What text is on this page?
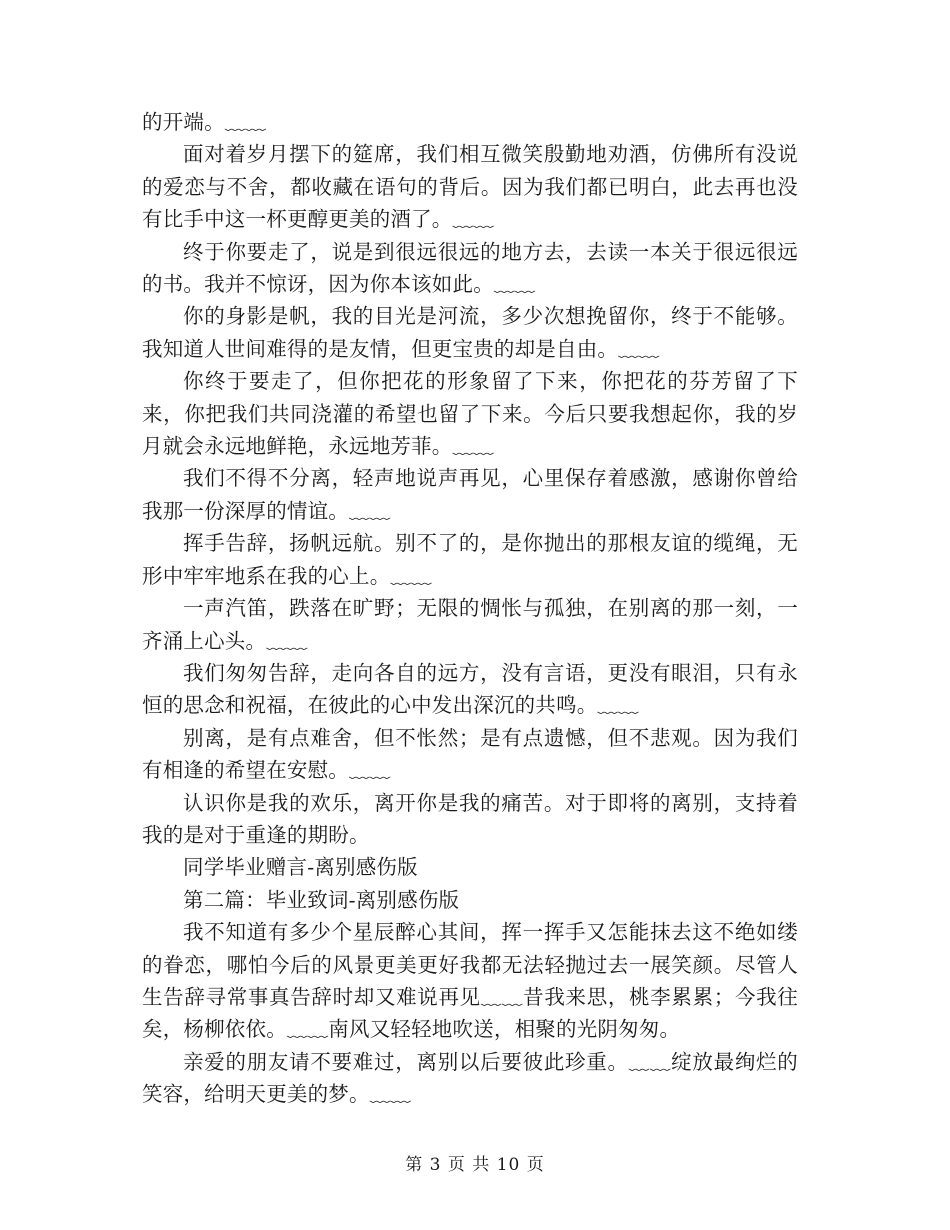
的开端。﹏﹏

面对着岁月摆下的筵席，我们相互微笑殷勤地劝酒，仿佛所有没说的爱恋与不舍，都收藏在语句的背后。因为我们都已明白，此去再也没有比手中这一杯更醇更美的酒了。﹏﹏

终于你要走了，说是到很远很远的地方去，去读一本关于很远很远的书。我并不惊讶，因为你本该如此。﹏﹏

你的身影是帆，我的目光是河流，多少次想挽留你，终于不能够。我知道人世间难得的是友情，但更宝贵的却是自由。﹏﹏

你终于要走了，但你把花的形象留了下来，你把花的芬芳留了下来，你把我们共同浇灌的希望也留了下来。今后只要我想起你，我的岁月就会永远地鲜艳，永远地芳菲。﹏﹏

我们不得不分离，轻声地说声再见，心里保存着感激，感谢你曾给我那一份深厚的情谊。﹏﹏

挥手告辞，扬帆远航。别不了的，是你抛出的那根友谊的缆绳，无形中牢牢地系在我的心上。﹏﹏

一声汽笛，跌落在旷野；无限的惆怅与孤独，在别离的那一刻，一齐涌上心头。﹏﹏

我们匆匆告辞，走向各自的远方，没有言语，更没有眼泪，只有永恒的思念和祝福，在彼此的心中发出深沉的共鸣。﹏﹏

别离，是有点难舍，但不怅然；是有点遗憾，但不悲观。因为我们有相逢的希望在安慰。﹏﹏

认识你是我的欢乐，离开你是我的痛苦。对于即将的离别，支持着我的是对于重逢的期盼。

同学毕业赠言-离别感伤版

第二篇：毕业致词-离别感伤版

我不知道有多少个星辰醉心其间，挥一挥手又怎能抹去这不绝如缕的眷恋，哪怕今后的风景更美更好我都无法轻抛过去一展笑颜。尽管人生告辞寻常事真告辞时却又难说再见﹏﹏昔我来思，桃李累累；今我往矣，杨柳依依。﹏﹏南风又轻轻地吹送，相聚的光阴匆匆。

亲爱的朋友请不要难过，离别以后要彼此珍重。﹏﹏绽放最绚烂的笑容，给明天更美的梦。﹏﹏

第 3 页 共 10 页
